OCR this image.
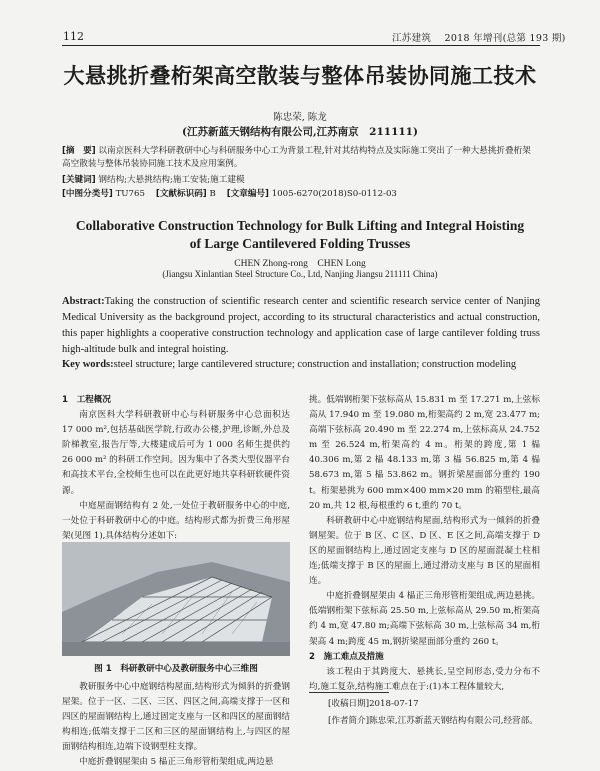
112	江苏建筑 2018 年增刊(总第 193 期)
大悬挑折叠桁架高空散装与整体吊装协同施工技术
陈忠荣, 陈龙
(江苏新蓝天钢结构有限公司,江苏南京　211111)
[摘　要] 以南京医科大学科研教研中心与科研服务中心工为背景工程,针对其结构特点及实际施工突出了一种大悬挑折叠桁架高空散装与整体吊装协同施工技术及应用案例。
[关键词] 钢结构;大悬挑结构;施工安装;施工建模
[中图分类号] TU765 [文献标识码] B [文章编号] 1005-6270(2018)S0-0112-03
Collaborative Construction Technology for Bulk Lifting and Integral Hoisting of Large Cantilevered Folding Trusses
CHEN Zhong-rong　CHEN Long
(Jiangsu Xinlantian Steel Structure Co., Ltd, Nanjing Jiangsu 211111 China)
Abstract:Taking the construction of scientific research center and scientific research service center of Nanjing Medical University as the background project, according to its structural characteristics and actual construction, this paper highlights a cooperative construction technology and application case of large cantilever folding truss high-altitude bulk and integral hoisting.
Key words:steel structure; large cantilevered structure; construction and installation; construction modeling

1　工程概况

南京医科大学科研教研中心与科研服务中心总面积达 17 000 m²,包括基础医学院,行政办公楼,护理,诊断,外总及阶梯教室,报告厅等,大楼建成后可为 1 000 名师生提供约 26 000 m² 的科研工作空间。因为集中了各类大型仪器平台和高技术平台,全校师生也可以在此更好地共享科研软硬件资源。

中庭屋面钢结构有 2 处,一处位于教研服务中心的中庭,一处位于科研教研中心的中庭。结构形式都为折费三角形屋架(见图 1),具体结构分述如下:

图 1　科研教研中心及教研服务中心三维图

教研服务中心中庭钢结构屋面,结构形式为倾斜的折叠钢屋架。位于一区、二区、三区、四区之间,高端支撑于一区和四区的屋面钢结构上,通过固定支座与一区和四区的屋面钢结构相连;低端支撑于二区和三区的屋面钢结构上,与四区的屋面钢结构相连,边端下设钢型柱支撑。

中庭折叠钢屋架由 5 榀正三角形管桁架组成,两边悬

挑。低端钢桁架下弦标高从 15.831 m 至 17.271 m,上弦标高从 17.940 m 至 19.080 m,桁架高约 2 m,宽 23.477 m;高端下弦标高 20.490 m 至 22.274 m,上弦标高从 24.752 m 至 26.524 m,桁架高约 4 m。桁架的跨度,第 1 榀 40.306 m,第 2 榀 48.133 m,第 3 榀 56.825 m,第 4 榀 58.673 m,第 5 榀 53.862 m。钢折梁屋面部分重约 190 t。桁架悬挑为 600 mm×400 mm×20 mm 的箱型柱,最高 20 m,共 12 根,每根重约 6 t,重约 70 t。

科研教研中心中庭钢结构屋面,结构形式为一倾斜的折叠钢屋架。位于 B 区、C 区、D 区、E 区之间,高端支撑于 D 区的屋面钢结构上,通过固定支座与 D 区的屋面混凝土柱相连;低端支撑于 B 区的屋面上,通过滑动支座与 B 区的屋面相连。

中庭折叠钢屋架由 4 榀正三角形管桁架组成,两边悬挑。低端钢桁架下弦标高 25.50 m,上弦标高从 29.50 m,桁架高约 4 m,宽 47.80 m;高端下弦标高 30 m,上弦标高 34 m,桁架高 4 m;跨度 45 m,钢折梁屋面部分重约 260 t。

2　施工难点及措施

该工程由于其跨度大、悬挑长,呈空间形态,受力分布不均,施工复杂,结构施工难点在于:(1)本工程体量较大,

[收稿日期]2018-07-17
[作者简介]陈忠荣,江苏新蓝天钢结构有限公司,经营部。
